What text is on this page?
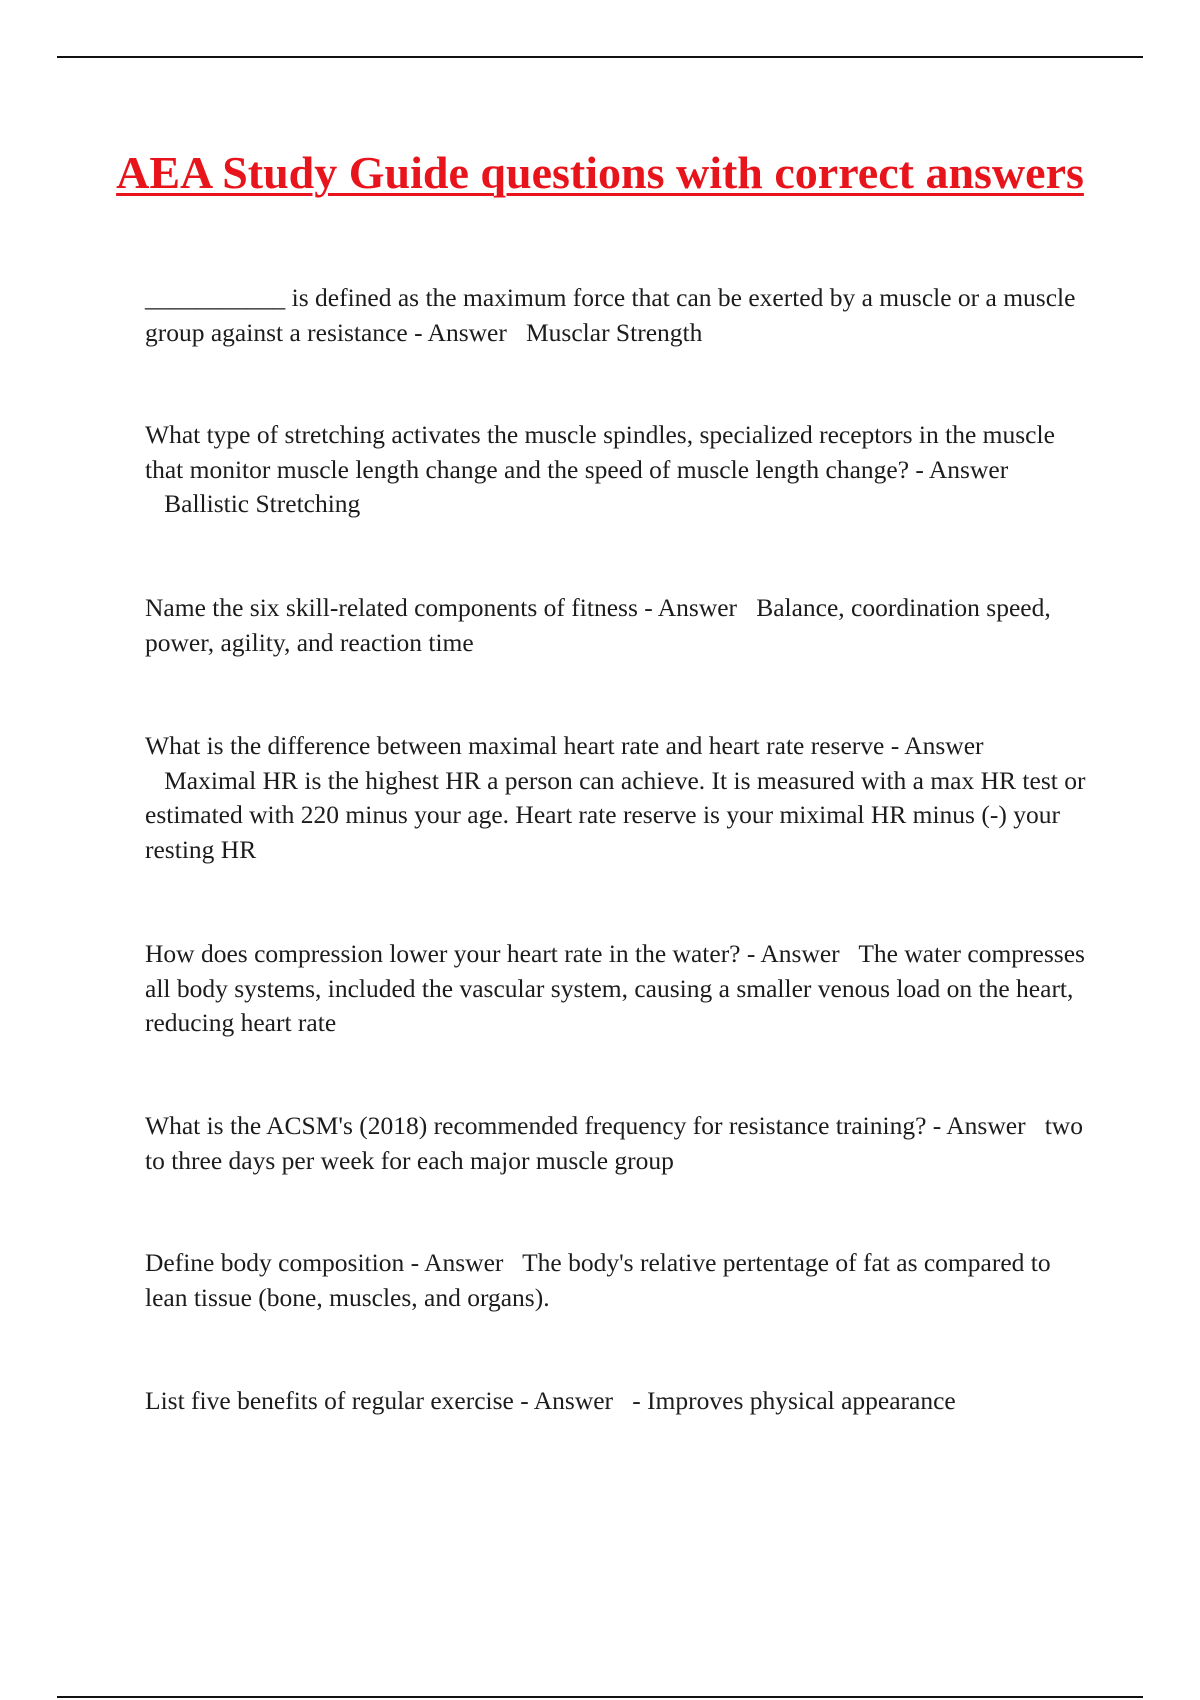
AEA Study Guide questions with correct answers

___________ is defined as the maximum force that can be exerted by a muscle or a muscle group against a resistance - Answer Musclar Strength

What type of stretching activates the muscle spindles, specialized receptors in the muscle that monitor muscle length change and the speed of muscle length change? - Answer   Ballistic Stretching

Name the six skill-related components of fitness - Answer Balance, coordination speed, power, agility, and reaction time

What is the difference between maximal heart rate and heart rate reserve - Answer   Maximal HR is the highest HR a person can achieve. It is measured with a max HR test or estimated with 220 minus your age. Heart rate reserve is your miximal HR minus (-) your resting HR

How does compression lower your heart rate in the water? - Answer The water compresses all body systems, included the vascular system, causing a smaller venous load on the heart, reducing heart rate

What is the ACSM's (2018) recommended frequency for resistance training? - Answer two to three days per week for each major muscle group

Define body composition - Answer The body's relative pertentage of fat as compared to lean tissue (bone, muscles, and organs).

List five benefits of regular exercise - Answer - Improves physical appearance
